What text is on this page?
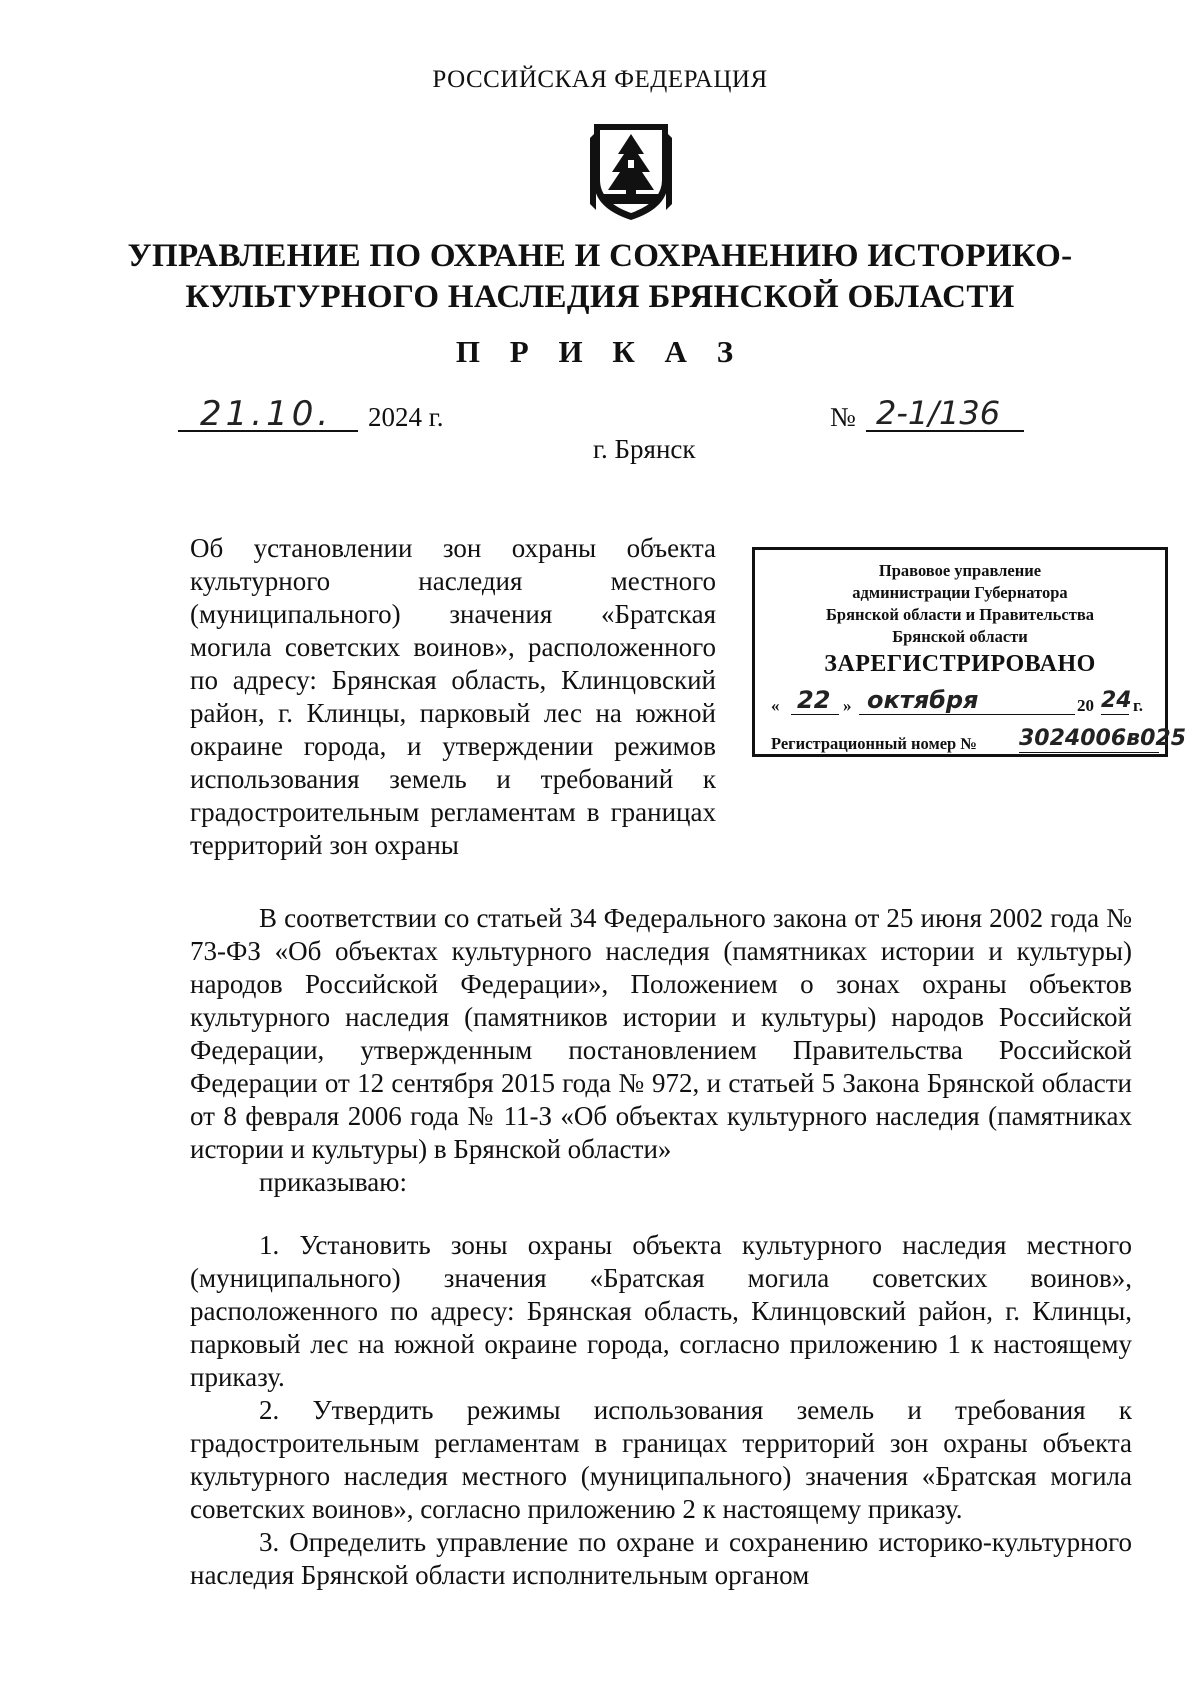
РОССИЙСКАЯ ФЕДЕРАЦИЯ
УПРАВЛЕНИЕ ПО ОХРАНЕ И СОХРАНЕНИЮ ИСТОРИКО-
КУЛЬТУРНОГО НАСЛЕДИЯ БРЯНСКОЙ ОБЛАСТИ
П Р И К А З
21.10. 2024 г.	№ 2-1/136
г. Брянск
Об установлении зон охраны объекта культурного наследия местного (муниципального) значения «Братская могила советских воинов», расположенного по адресу: Брянская область, Клинцовский район, г. Клинцы, парковый лес на южной окраине города, и утверждении режимов использования земель и требований к градостроительным регламентам в границах территорий зон охраны
Правовое управление
администрации Губернатора
Брянской области и Правительства
Брянской области
ЗАРЕГИСТРИРОВАНО
« 22 » октября	20 24 г.
Регистрационный номер № 3024006в025

В соответствии со статьей 34 Федерального закона от 25 июня 2002 года № 73-ФЗ «Об объектах культурного наследия (памятниках истории и культуры) народов Российской Федерации», Положением о зонах охраны объектов культурного наследия (памятников истории и культуры) народов Российской Федерации, утвержденным постановлением Правительства Российской Федерации от 12 сентября 2015 года № 972, и статьей 5 Закона Брянской области от 8 февраля 2006 года № 11-З «Об объектах культурного наследия (памятниках истории и культуры) в Брянской области»

приказываю:

1. Установить зоны охраны объекта культурного наследия местного (муниципального) значения «Братская могила советских воинов», расположенного по адресу: Брянская область, Клинцовский район, г. Клинцы, парковый лес на южной окраине города, согласно приложению 1 к настоящему приказу.

2. Утвердить режимы использования земель и требования к градостроительным регламентам в границах территорий зон охраны объекта культурного наследия местного (муниципального) значения «Братская могила советских воинов», согласно приложению 2 к настоящему приказу.

3. Определить управление по охране и сохранению историко-культурного наследия Брянской области исполнительным органом
